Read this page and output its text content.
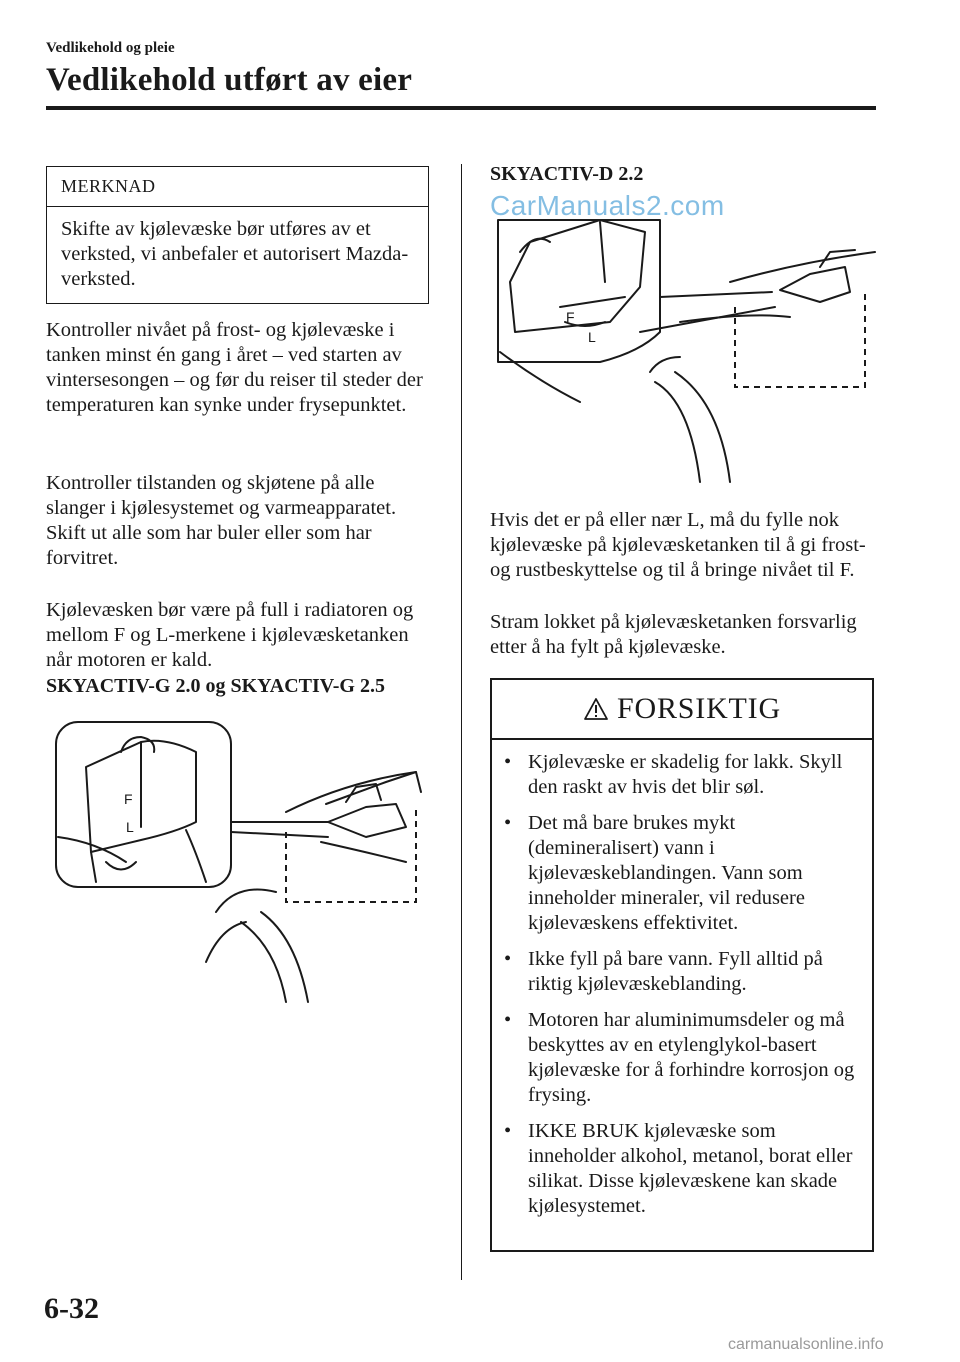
Vedlikehold og pleie
Vedlikehold utført av eier
MERKNAD
Skifte av kjølevæske bør utføres av et verksted, vi anbefaler et autorisert Mazda-verksted.

Kontroller nivået på frost- og kjølevæske i tanken minst én gang i året – ved starten av vintersesongen – og før du reiser til steder der temperaturen kan synke under frysepunktet.

Kontroller tilstanden og skjøtene på alle slanger i kjølesystemet og varmeapparatet. Skift ut alle som har buler eller som har forvitret.

Kjølevæsken bør være på full i radiatoren og mellom F og L-merkene i kjølevæsketanken når motoren er kald.

SKYACTIV-G 2.0 og SKYACTIV-G 2.5

F
L

SKYACTIV-D 2.2

CarManuals2.com
F
L

Hvis det er på eller nær L, må du fylle nok kjølevæske på kjølevæsketanken til å gi frost- og rustbeskyttelse og til å bringe nivået til F.

Stram lokket på kjølevæsketanken forsvarlig etter å ha fylt på kjølevæske.

FORSIKTIG
• Kjølevæske er skadelig for lakk. Skyll den raskt av hvis det blir søl.
• Det må bare brukes mykt (demineralisert) vann i kjølevæskeblandingen. Vann som inneholder mineraler, vil redusere kjølevæskens effektivitet.
• Ikke fyll på bare vann. Fyll alltid på riktig kjølevæskeblanding.
• Motoren har aluminimumsdeler og må beskyttes av en etylenglykol-basert kjølevæske for å forhindre korrosjon og frysing.
• IKKE BRUK kjølevæske som inneholder alkohol, metanol, borat eller silikat. Disse kjølevæskene kan skade kjølesystemet.
6-32
carmanualsonline.info
